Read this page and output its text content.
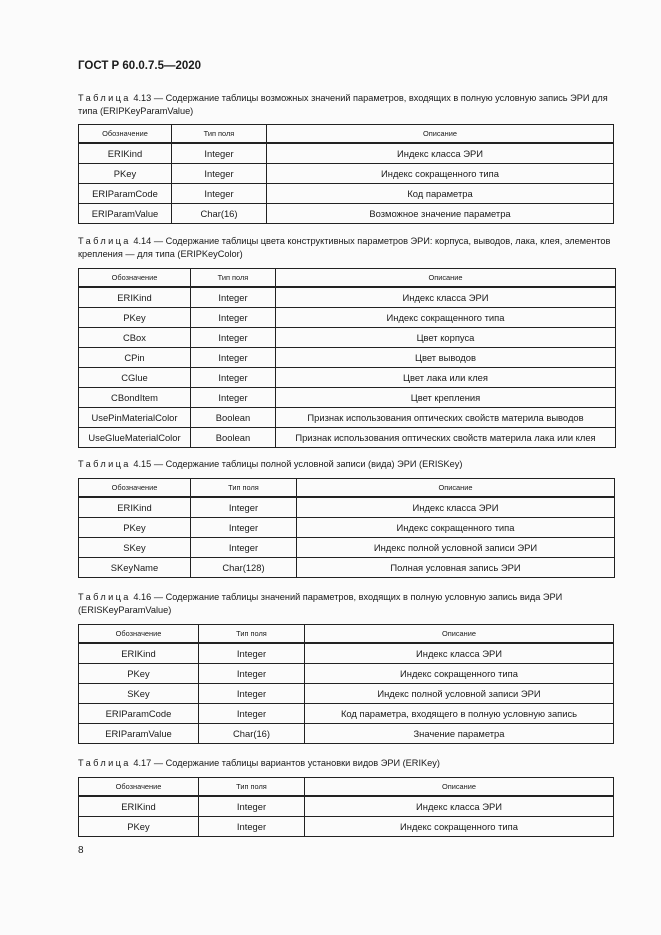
ГОСТ Р 60.0.7.5—2020
Таблица 4.13 — Содержание таблицы возможных значений параметров, входящих в полную условную запись ЭРИ для типа (ERIPKeyParamValue)
Обозначение	Тип поля	Описание
ERIKind	Integer	Индекс класса ЭРИ
PKey	Integer	Индекс сокращенного типа
ERIParamCode	Integer	Код параметра
ERIParamValue	Char(16)	Возможное значение параметра
Таблица 4.14 — Содержание таблицы цвета конструктивных параметров ЭРИ: корпуса, выводов, лака, клея, элементов крепления — для типа (ERIPKeyColor)
Обозначение	Тип поля	Описание
ERIKind	Integer	Индекс класса ЭРИ
PKey	Integer	Индекс сокращенного типа
CBox	Integer	Цвет корпуса
CPin	Integer	Цвет выводов
CGlue	Integer	Цвет лака или клея
CBondItem	Integer	Цвет крепления
UsePinMaterialColor	Boolean	Признак использования оптических свойств материла выводов
UseGlueMaterialColor	Boolean	Признак использования оптических свойств материла лака или клея
Таблица 4.15 — Содержание таблицы полной условной записи (вида) ЭРИ (ERISKey)
Обозначение	Тип поля	Описание
ERIKind	Integer	Индекс класса ЭРИ
PKey	Integer	Индекс сокращенного типа
SKey	Integer	Индекс полной условной записи ЭРИ
SKeyName	Char(128)	Полная условная запись ЭРИ
Таблица 4.16 — Содержание таблицы значений параметров, входящих в полную условную запись вида ЭРИ (ERISKeyParamValue)
Обозначение	Тип поля	Описание
ERIKind	Integer	Индекс класса ЭРИ
PKey	Integer	Индекс сокращенного типа
SKey	Integer	Индекс полной условной записи ЭРИ
ERIParamCode	Integer	Код параметра, входящего в полную условную запись
ERIParamValue	Char(16)	Значение параметра
Таблица 4.17 — Содержание таблицы вариантов установки видов ЭРИ (ERIKey)
Обозначение	Тип поля	Описание
ERIKind	Integer	Индекс класса ЭРИ
PKey	Integer	Индекс сокращенного типа
8
